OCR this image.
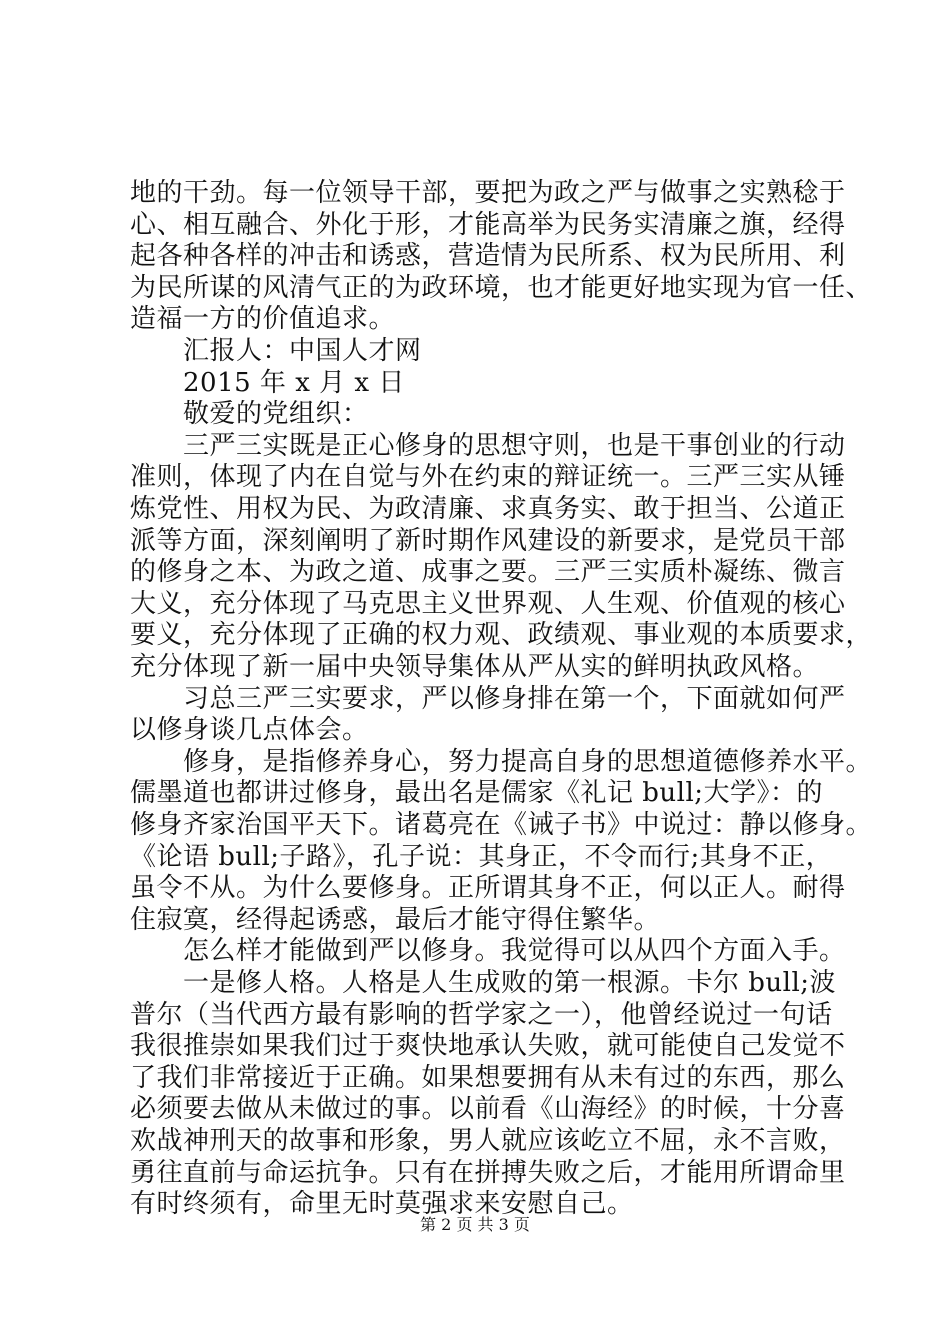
地的干劲。每一位领导干部，要把为政之严与做事之实熟稔于
心、相互融合、外化于形，才能高举为民务实清廉之旗，经得
起各种各样的冲击和诱惑，营造情为民所系、权为民所用、利
为民所谋的风清气正的为政环境，也才能更好地实现为官一任、
造福一方的价值追求。
　　汇报人：中国人才网
　　2015 年 x 月 x 日
　　敬爱的党组织：
　　三严三实既是正心修身的思想守则，也是干事创业的行动
准则，体现了内在自觉与外在约束的辩证统一。三严三实从锤
炼党性、用权为民、为政清廉、求真务实、敢于担当、公道正
派等方面，深刻阐明了新时期作风建设的新要求，是党员干部
的修身之本、为政之道、成事之要。三严三实质朴凝练、微言
大义，充分体现了马克思主义世界观、人生观、价值观的核心
要义，充分体现了正确的权力观、政绩观、事业观的本质要求，
充分体现了新一届中央领导集体从严从实的鲜明执政风格。
　　习总三严三实要求，严以修身排在第一个，下面就如何严
以修身谈几点体会。
　　修身，是指修养身心，努力提高自身的思想道德修养水平。
儒墨道也都讲过修身，最出名是儒家《礼记 bull;大学》：的
修身齐家治国平天下。诸葛亮在《诫子书》中说过：静以修身。
《论语 bull;子路》，孔子说：其身正，不令而行;其身不正，
虽令不从。为什么要修身。正所谓其身不正，何以正人。耐得
住寂寞，经得起诱惑，最后才能守得住繁华。
　　怎么样才能做到严以修身。我觉得可以从四个方面入手。
　　一是修人格。人格是人生成败的第一根源。卡尔 bull;波
普尔（当代西方最有影响的哲学家之一），他曾经说过一句话
我很推崇如果我们过于爽快地承认失败，就可能使自己发觉不
了我们非常接近于正确。如果想要拥有从未有过的东西，那么
必须要去做从未做过的事。以前看《山海经》的时候，十分喜
欢战神刑天的故事和形象，男人就应该屹立不屈，永不言败，
勇往直前与命运抗争。只有在拼搏失败之后，才能用所谓命里
有时终须有，命里无时莫强求来安慰自己。
第 2 页 共 3 页
